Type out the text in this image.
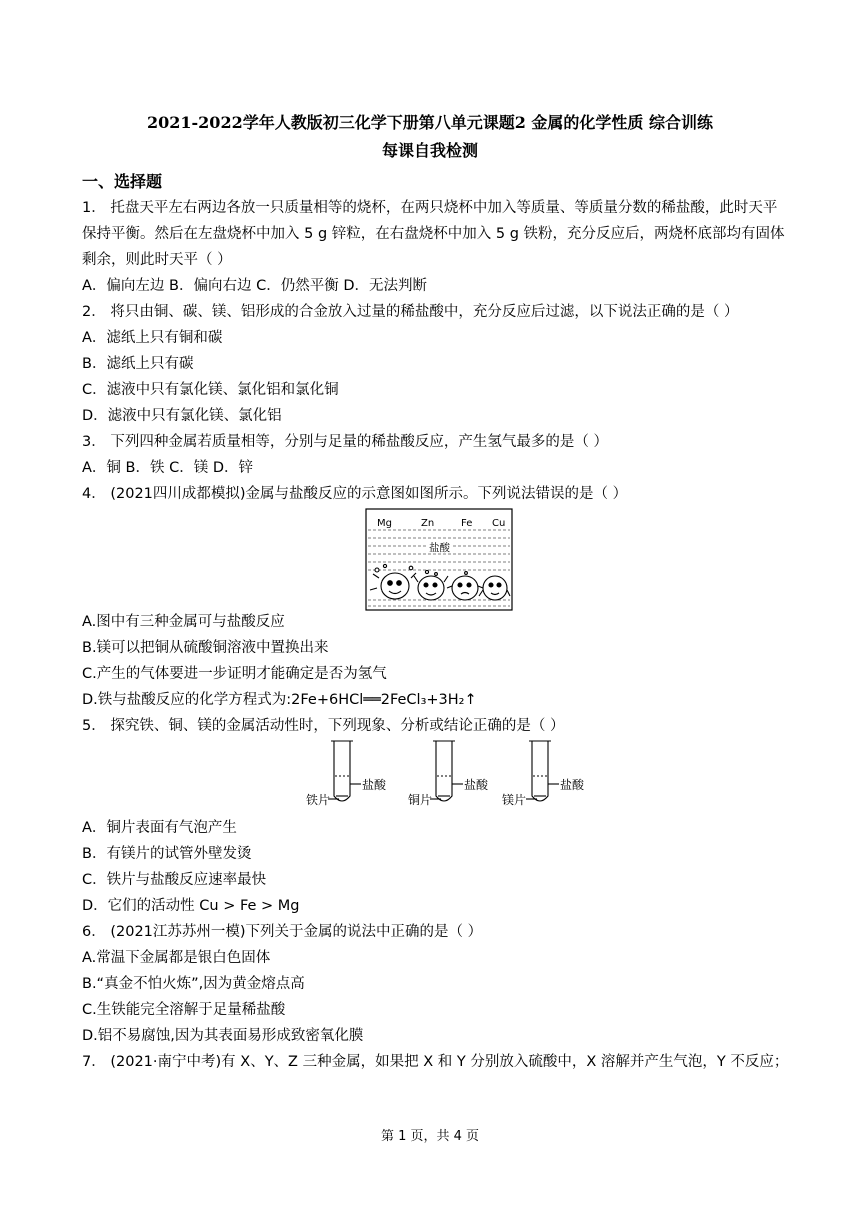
2021-2022学年人教版初三化学下册第八单元课题2 金属的化学性质 综合训练
每课自我检测
一、选择题
1． 托盘天平左右两边各放一只质量相等的烧杯，在两只烧杯中加入等质量、等质量分数的稀盐酸，此时天平
保持平衡。然后在左盘烧杯中加入 5 g 锌粒，在右盘烧杯中加入 5 g 铁粉，充分反应后，两烧杯底部均有固体
剩余，则此时天平（ ）
A．偏向左边 B．偏向右边 C．仍然平衡 D．无法判断
2． 将只由铜、碳、镁、铝形成的合金放入过量的稀盐酸中，充分反应后过滤，以下说法正确的是（ ）
A．滤纸上只有铜和碳
B．滤纸上只有碳
C．滤液中只有氯化镁、氯化铝和氯化铜
D．滤液中只有氯化镁、氯化铝
3． 下列四种金属若质量相等，分别与足量的稀盐酸反应，产生氢气最多的是（ ）
A．铜 B．铁 C．镁 D．锌
4． (2021四川成都模拟)金属与盐酸反应的示意图如图所示。下列说法错误的是（ ）
Mg	Zn	Fe Cu
盐酸
A.图中有三种金属可与盐酸反应
B.镁可以把铜从硫酸铜溶液中置换出来
C.产生的气体要进一步证明才能确定是否为氢气
D.铁与盐酸反应的化学方程式为:2Fe+6HCl══2FeCl₃+3H₂↑
5． 探究铁、铜、镁的金属活动性时，下列现象、分析或结论正确的是（ ）
盐酸
铁片
盐酸
铜片
盐酸
镁片
A．铜片表面有气泡产生
B．有镁片的试管外壁发烫
C．铁片与盐酸反应速率最快
D．它们的活动性 Cu > Fe > Mg
6． (2021江苏苏州一模)下列关于金属的说法中正确的是（ ）
A.常温下金属都是银白色固体
B.“真金不怕火炼”,因为黄金熔点高
C.生铁能完全溶解于足量稀盐酸
D.铝不易腐蚀,因为其表面易形成致密氧化膜
7． (2021·南宁中考)有 X、Y、Z 三种金属，如果把 X 和 Y 分别放入硫酸中，X 溶解并产生气泡，Y 不反应；
第 1 页，共 4 页
